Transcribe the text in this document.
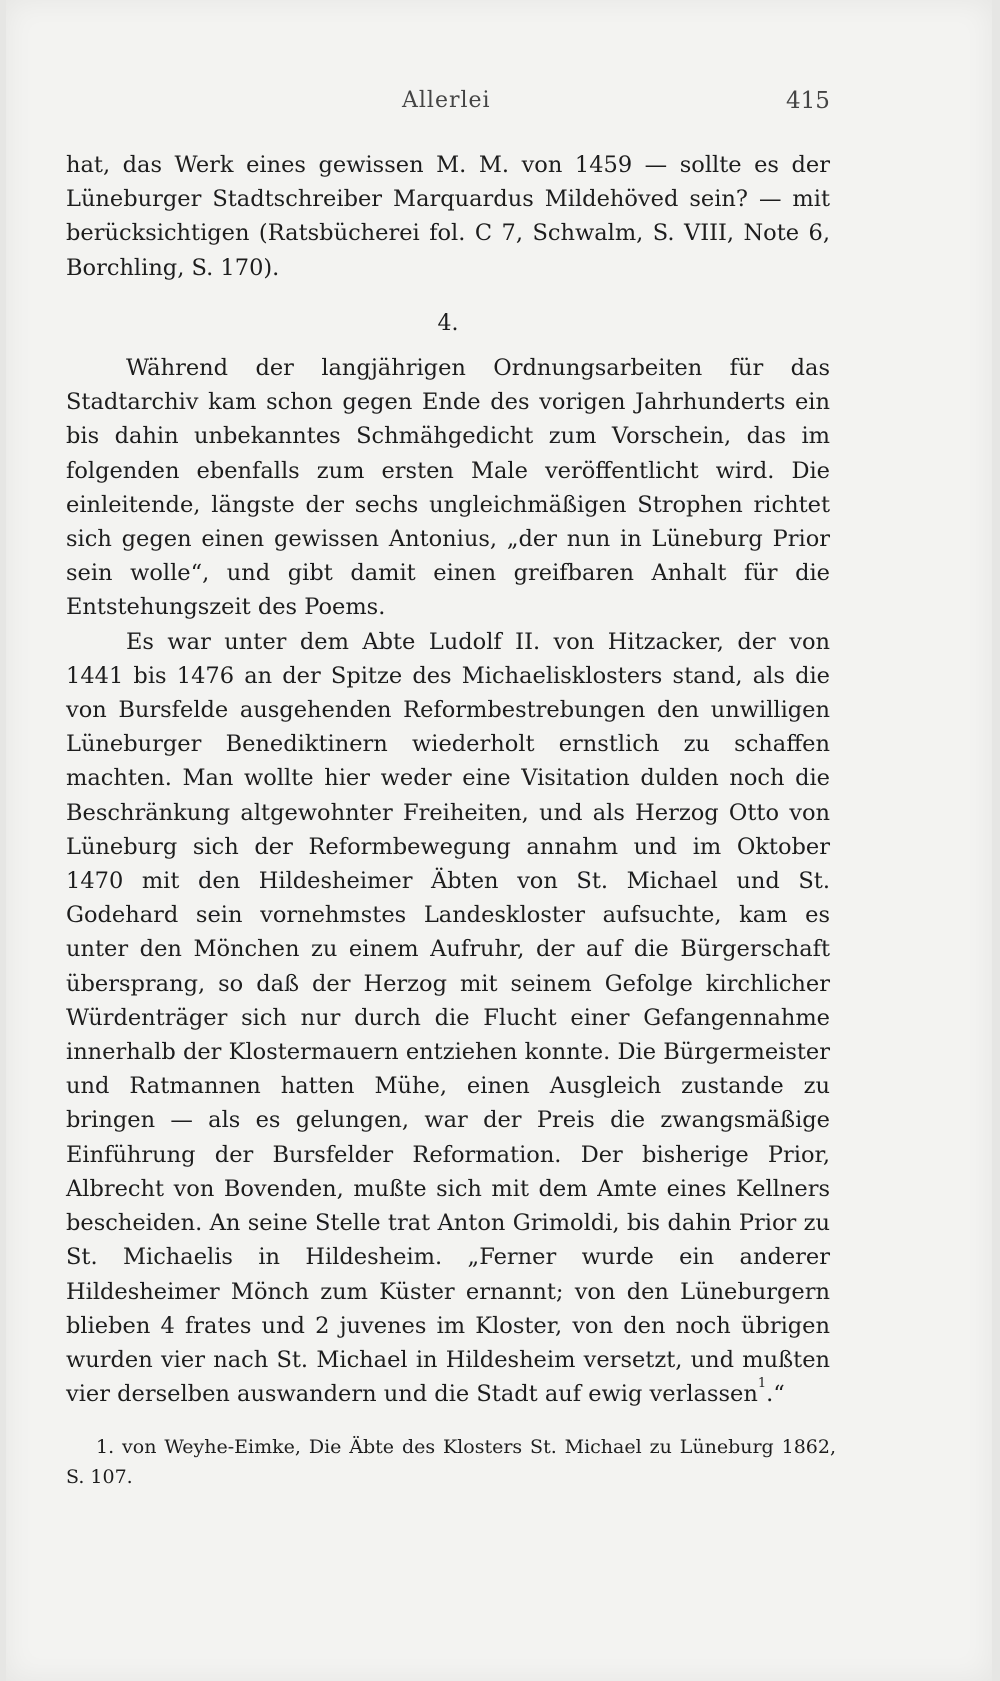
Allerlei	415

hat, das Werk eines gewissen M. M. von 1459 — sollte es der Lüneburger Stadtschreiber Marquardus Mildehöved sein? — mit berücksichtigen (Ratsbücherei fol. C 7, Schwalm, S. VIII, Note 6, Borchling, S. 170).

4.

Während der langjährigen Ordnungsarbeiten für das Stadtarchiv kam schon gegen Ende des vorigen Jahrhunderts ein bis dahin unbekanntes Schmähgedicht zum Vorschein, das im folgenden ebenfalls zum ersten Male veröffentlicht wird. Die einleitende, längste der sechs ungleichmäßigen Strophen richtet sich gegen einen gewissen Antonius, „der nun in Lüneburg Prior sein wolle“, und gibt damit einen greifbaren Anhalt für die Entstehungszeit des Poems.

Es war unter dem Abte Ludolf II. von Hitzacker, der von 1441 bis 1476 an der Spitze des Michaelisklosters stand, als die von Bursfelde ausgehenden Reformbestrebungen den unwilligen Lüneburger Benediktinern wiederholt ernstlich zu schaffen machten. Man wollte hier weder eine Visitation dulden noch die Beschränkung altgewohnter Freiheiten, und als Herzog Otto von Lüneburg sich der Reformbewegung annahm und im Oktober 1470 mit den Hildesheimer Äbten von St. Michael und St. Godehard sein vornehmstes Landeskloster aufsuchte, kam es unter den Mönchen zu einem Aufruhr, der auf die Bürgerschaft übersprang, so daß der Herzog mit seinem Gefolge kirchlicher Würdenträger sich nur durch die Flucht einer Gefangennahme innerhalb der Klostermauern entziehen konnte. Die Bürgermeister und Ratmannen hatten Mühe, einen Ausgleich zustande zu bringen — als es gelungen, war der Preis die zwangsmäßige Einführung der Bursfelder Reformation. Der bisherige Prior, Albrecht von Bovenden, mußte sich mit dem Amte eines Kellners bescheiden. An seine Stelle trat Anton Grimoldi, bis dahin Prior zu St. Michaelis in Hildesheim. „Ferner wurde ein anderer Hildesheimer Mönch zum Küster ernannt; von den Lüneburgern blieben 4 frates und 2 juvenes im Kloster, von den noch übrigen wurden vier nach St. Michael in Hildesheim versetzt, und mußten vier derselben auswandern und die Stadt auf ewig verlassen$^1$.“

1. von Weyhe-Eimke, Die Äbte des Klosters St. Michael zu Lüneburg 1862, S. 107.
